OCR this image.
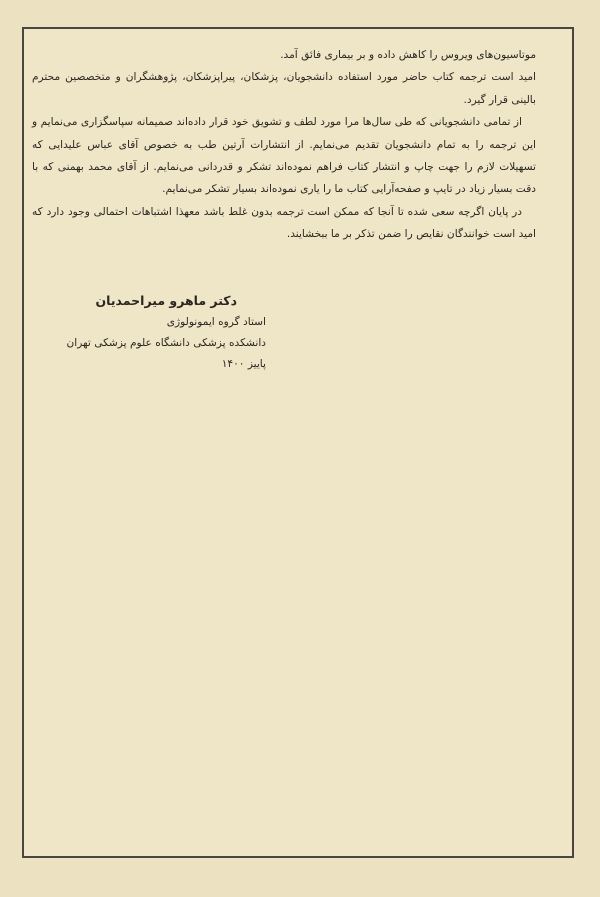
موتاسیون‌های ویروس را کاهش داده و بر بیماری فائق آمد.
امید است ترجمه کتاب حاضر مورد استفاده دانشجویان، پزشکان، پیراپزشکان، پژوهشگران و متخصصین محترم بالینی قرار گیرد.

از تمامی دانشجویانی که طی سال‌ها مرا مورد لطف و تشویق خود قرار داده‌اند صمیمانه سپاسگزاری می‌نمایم و این ترجمه را به تمام دانشجویان تقدیم می‌نمایم. از انتشارات آرتین طب به خصوص آقای عباس علیدایی که تسهیلات لازم را جهت چاپ و انتشار کتاب فراهم نموده‌اند تشکر و قدردانی می‌نمایم. از آقای محمد بهمنی که با دقت بسیار زیاد در تایپ و صفحه‌آرایی کتاب ما را یاری نموده‌اند بسیار تشکر می‌نمایم.

در پایان اگرچه سعی شده تا آنجا که ممکن است ترجمه بدون غلط باشد معهذا اشتباهات احتمالی وجود دارد که امید است خوانندگان نقایص را ضمن تذکر بر ما ببخشایند.

دکتر ماهرو میراحمدیان

استاد گروه ایمونولوژی

دانشکده پزشکی دانشگاه علوم پزشکی تهران

پاییز ۱۴۰۰
